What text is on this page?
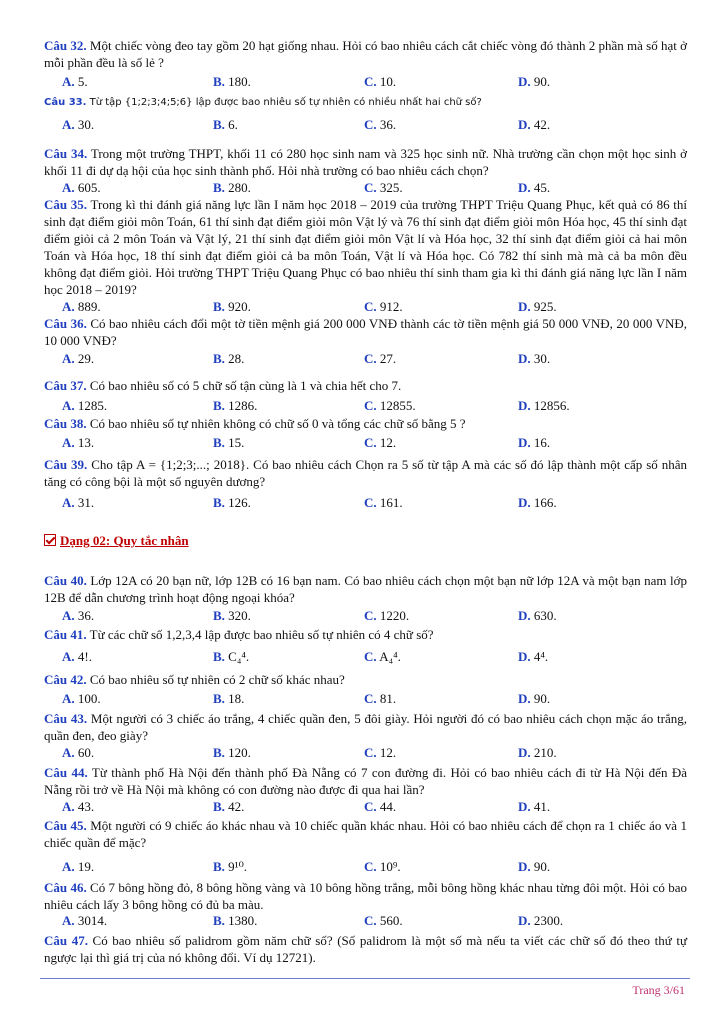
Câu 32. Một chiếc vòng đeo tay gồm 20 hạt giống nhau. Hỏi có bao nhiêu cách cắt chiếc vòng đó thành 2 phần mà số hạt ở mỗi phần đều là số lẻ ?
A. 5.	B. 180.	C. 10.	D. 90.
Câu 33. Từ tập {1;2;3;4;5;6} lập được bao nhiêu số tự nhiên có nhiều nhất hai chữ số?
A. 30.	B. 6.	C. 36.	D. 42.
Câu 34. Trong một trường THPT, khối 11 có 280 học sinh nam và 325 học sinh nữ. Nhà trường cần chọn một học sinh ở khối 11 đi dự dạ hội của học sinh thành phố. Hỏi nhà trường có bao nhiêu cách chọn?
A. 605.	B. 280.	C. 325.	D. 45.
Câu 35. Trong kì thi đánh giá năng lực lần I năm học 2018 – 2019 của trường THPT Triệu Quang Phục, kết quả có 86 thí sinh đạt điểm giỏi môn Toán, 61 thí sinh đạt điểm giỏi môn Vật lý và 76 thí sinh đạt điểm giỏi môn Hóa học, 45 thí sinh đạt điểm giỏi cả 2 môn Toán và Vật lý, 21 thí sinh đạt điểm giỏi môn Vật lí và Hóa học, 32 thí sinh đạt điểm giỏi cả hai môn Toán và Hóa học, 18 thí sinh đạt điểm giỏi cả ba môn Toán, Vật lí và Hóa học. Có 782 thí sinh mà mà cả ba môn đều không đạt điểm giỏi. Hỏi trường THPT Triệu Quang Phục có bao nhiêu thí sinh tham gia kì thi đánh giá năng lực lần I năm học 2018 – 2019?
A. 889.	B. 920.	C. 912.	D. 925.
Câu 36. Có bao nhiêu cách đổi một tờ tiền mệnh giá 200 000 VNĐ thành các tờ tiền mệnh giá 50 000 VNĐ, 20 000 VNĐ, 10 000 VNĐ?
A. 29.	B. 28.	C. 27.	D. 30.
Câu 37. Có bao nhiêu số có 5 chữ số tận cùng là 1 và chia hết cho 7.
A. 1285.	B. 1286.	C. 12855.	D. 12856.
Câu 38. Có bao nhiêu số tự nhiên không có chữ số 0 và tổng các chữ số bằng 5 ?
A. 13.	B. 15.	C. 12.	D. 16.
Câu 39. Cho tập A = {1;2;3;...; 2018}. Có bao nhiêu cách Chọn ra 5 số từ tập A mà các số đó lập thành một cấp số nhân tăng có công bội là một số nguyên dương?
A. 31.	B. 126.	C. 161.	D. 166.
Dạng 02: Quy tắc nhân
Câu 40. Lớp 12A có 20 bạn nữ, lớp 12B có 16 bạn nam. Có bao nhiêu cách chọn một bạn nữ lớp 12A và một bạn nam lớp 12B để dẫn chương trình hoạt động ngoại khóa?
A. 36.	B. 320.	C. 1220.	D. 630.
Câu 41. Từ các chữ số 1,2,3,4 lập được bao nhiêu số tự nhiên có 4 chữ số?
A. 4!.	B. C₄⁴.	C. A₄⁴.	D. 4⁴.
Câu 42. Có bao nhiêu số tự nhiên có 2 chữ số khác nhau?
A. 100.	B. 18.	C. 81.	D. 90.
Câu 43. Một người có 3 chiếc áo trắng, 4 chiếc quần đen, 5 đôi giày. Hỏi người đó có bao nhiêu cách chọn mặc áo trắng, quần đen, đeo giày?
A. 60.	B. 120.	C. 12.	D. 210.
Câu 44. Từ thành phố Hà Nội đến thành phố Đà Nẵng có 7 con đường đi. Hỏi có bao nhiêu cách đi từ Hà Nội đến Đà Nẵng rồi trở về Hà Nội mà không có con đường nào được đi qua hai lần?
A. 43.	B. 42.	C. 44.	D. 41.
Câu 45. Một người có 9 chiếc áo khác nhau và 10 chiếc quần khác nhau. Hỏi có bao nhiêu cách để chọn ra 1 chiếc áo và 1 chiếc quần để mặc?
A. 19.	B. 9¹⁰.	C. 10⁹.	D. 90.
Câu 46. Có 7 bông hồng đỏ, 8 bông hồng vàng và 10 bông hồng trắng, mỗi bông hồng khác nhau từng đôi một. Hỏi có bao nhiêu cách lấy 3 bông hồng có đủ ba màu.
A. 3014.	B. 1380.	C. 560.	D. 2300.
Câu 47. Có bao nhiêu số palidrom gồm năm chữ số? (Số palidrom là một số mà nếu ta viết các chữ số đó theo thứ tự ngược lại thì giá trị của nó không đổi. Ví dụ 12721).
Trang 3/61
